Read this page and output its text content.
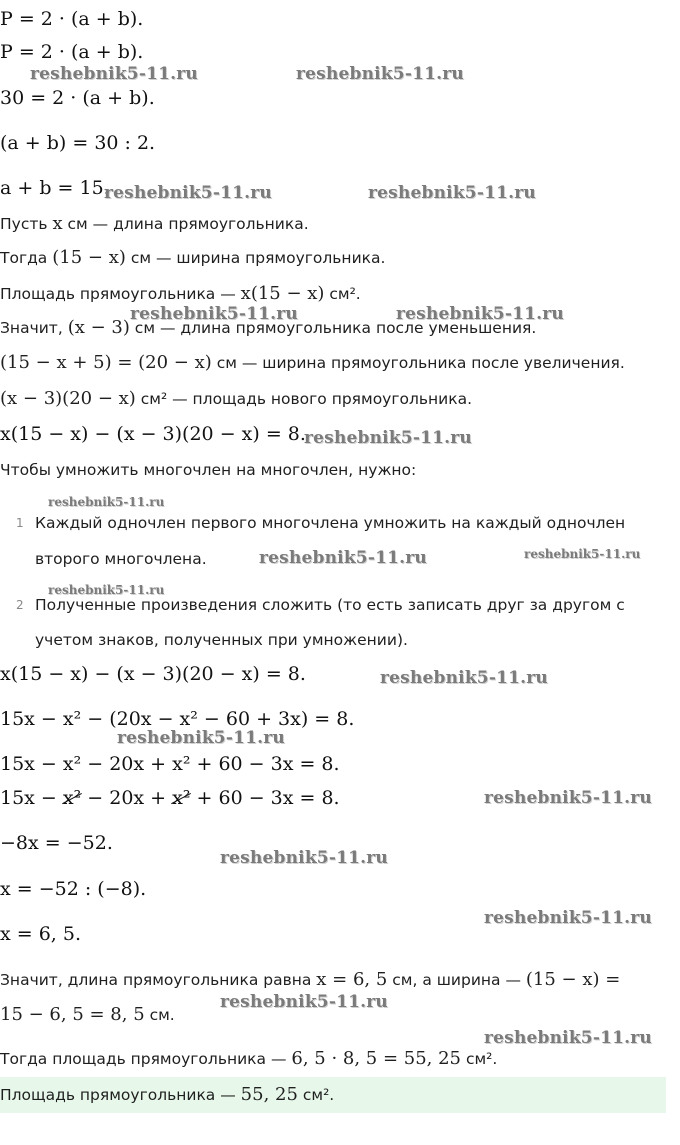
P = 2 · (a + b).
P = 2 · (a + b).
30 = 2 · (a + b).
(a + b) = 30 : 2.
a + b = 15.
Пусть x см — длина прямоугольника.
Тогда (15 − x) см — ширина прямоугольника.
Площадь прямоугольника — x(15 − x) см².
Значит, (x − 3) см — длина прямоугольника после уменьшения.
(15 − x + 5) = (20 − x) см — ширина прямоугольника после увеличения.
(x − 3)(20 − x) см² — площадь нового прямоугольника.
x(15 − x) − (x − 3)(20 − x) = 8.
Чтобы умножить многочлен на многочлен, нужно:
1 Каждый одночлен первого многочлена умножить на каждый одночлен
второго многочлена.
2 Полученные произведения сложить (то есть записать друг за другом с
учетом знаков, полученных при умножении).
x(15 − x) − (x − 3)(20 − x) = 8.
15x − x² − (20x − x² − 60 + 3x) = 8.
15x − x² − 20x + x² + 60 − 3x = 8.
15x − x² − 20x + x² + 60 − 3x = 8.
−8x = −52.
x = −52 : (−8).
x = 6, 5.
Значит, длина прямоугольника равна x = 6, 5 см, а ширина — (15 − x) =
15 − 6, 5 = 8, 5 см.
Тогда площадь прямоугольника — 6, 5 · 8, 5 = 55, 25 см².
Площадь прямоугольника — 55, 25 см².
reshebnik5-11.ru	reshebnik5-11.ru
reshebnik5-11.ru	reshebnik5-11.ru
reshebnik5-11.ru	reshebnik5-11.ru
reshebnik5-11.ru
reshebnik5-11.ru
reshebnik5-11.ru	reshebnik5-11.ru
reshebnik5-11.ru
reshebnik5-11.ru
reshebnik5-11.ru
reshebnik5-11.ru
reshebnik5-11.ru
reshebnik5-11.ru
reshebnik5-11.ru
reshebnik5-11.ru
